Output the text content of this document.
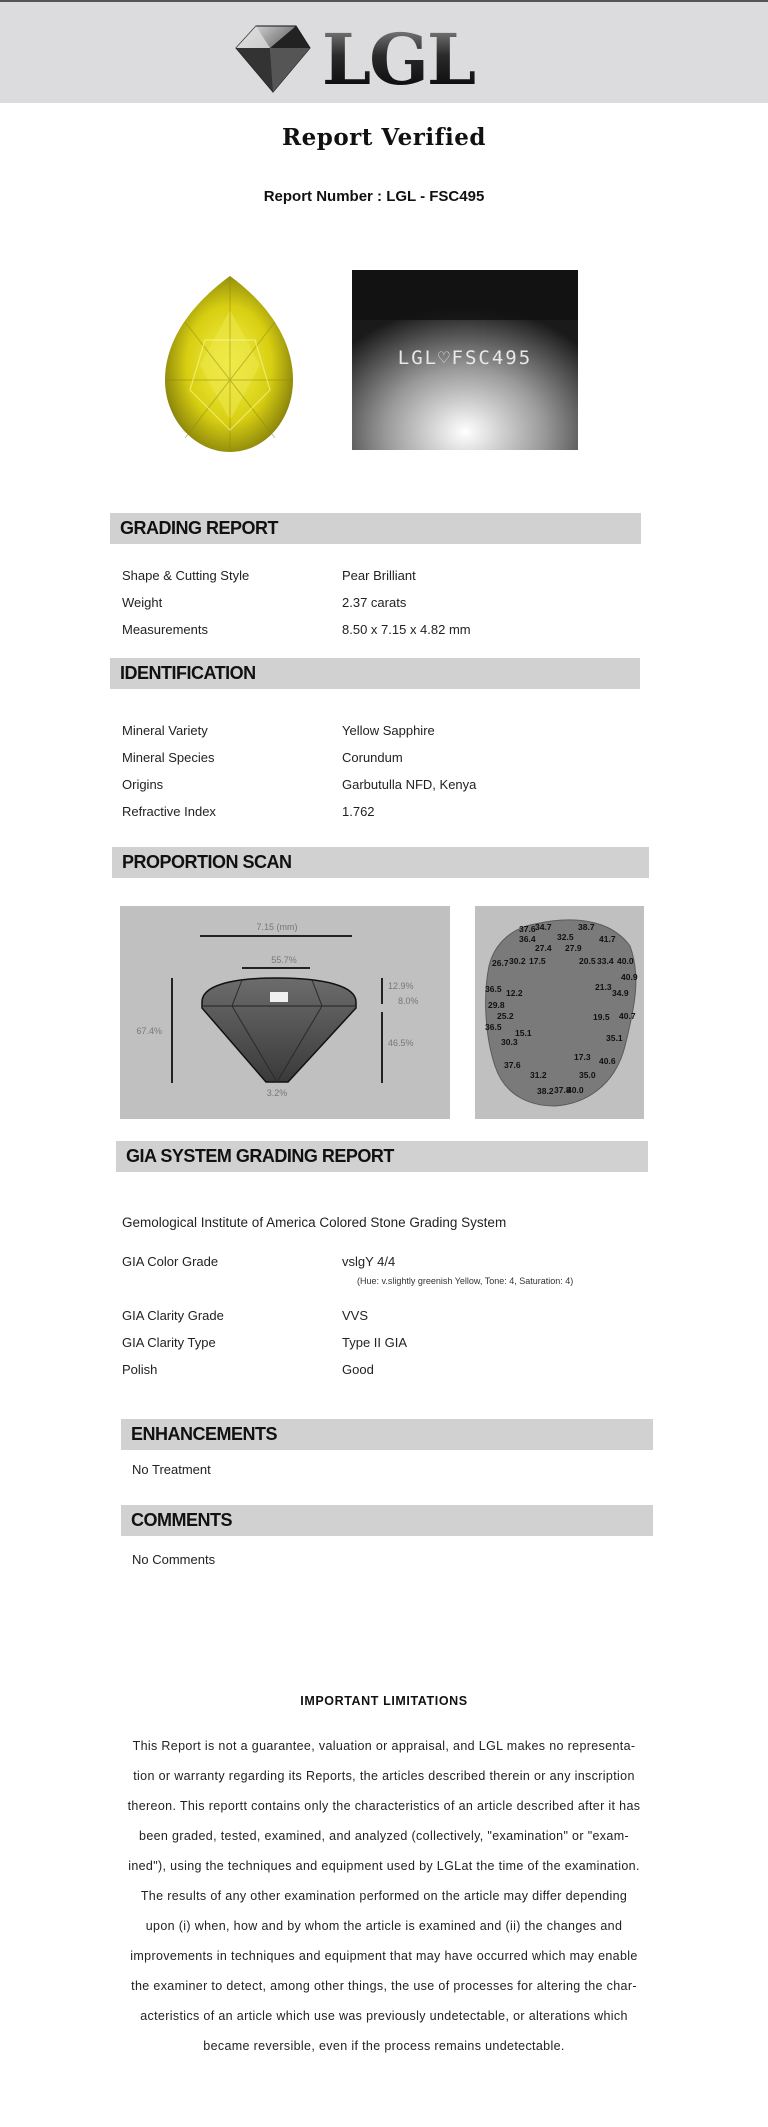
LGL
Report Verified
Report Number : LGL - FSC495
LGL♡FSC495
GRADING REPORT
Shape & Cutting Style	Pear Brilliant
Weight	2.37 carats
Measurements	8.50 x 7.15 x 4.82 mm
IDENTIFICATION
Mineral Variety	Yellow Sapphire
Mineral Species	Corundum
Origins	Garbutulla NFD, Kenya
Refractive Index	1.762
PROPORTION SCAN
7.15 (mm)
55.7%
67.4%
12.9%
8.0%
46.5%
3.2%
37.6 34.7	38.7
36.4	32.5	41.7
27.4 27.9
26.7 30.2 17.5	20.5 33.4 40.0
40.9
36.5 12.2
21.3
34.9
29.8
25.2	19.5 40.7
36.5
15.1	35.1
30.3
17.3
37.6	40.6
31.2	35.0
38.2 37.8
40.0
GIA SYSTEM GRADING REPORT
Gemological Institute of America Colored Stone Grading System
GIA Color Grade	vslgY 4/4
(Hue: v.slightly greenish Yellow, Tone: 4, Saturation: 4)
GIA Clarity Grade	VVS
GIA Clarity Type	Type II GIA
Polish	Good
ENHANCEMENTS
No Treatment
COMMENTS
No Comments
IMPORTANT LIMITATIONS
This Report is not a guarantee, valuation or appraisal, and LGL makes no representa-
tion or warranty regarding its Reports, the articles described therein or any inscription
thereon. This reportt contains only the characteristics of an article described after it has
been graded, tested, examined, and analyzed (collectively, "examination" or "exam-
ined"), using the techniques and equipment used by LGLat the time of the examination.
The results of any other examination performed on the article may differ depending
upon (i) when, how and by whom the article is examined and (ii) the changes and
improvements in techniques and equipment that may have occurred which may enable
the examiner to detect, among other things, the use of processes for altering the char-
acteristics of an article which use was previously undetectable, or alterations which
became reversible, even if the process remains undetectable.
